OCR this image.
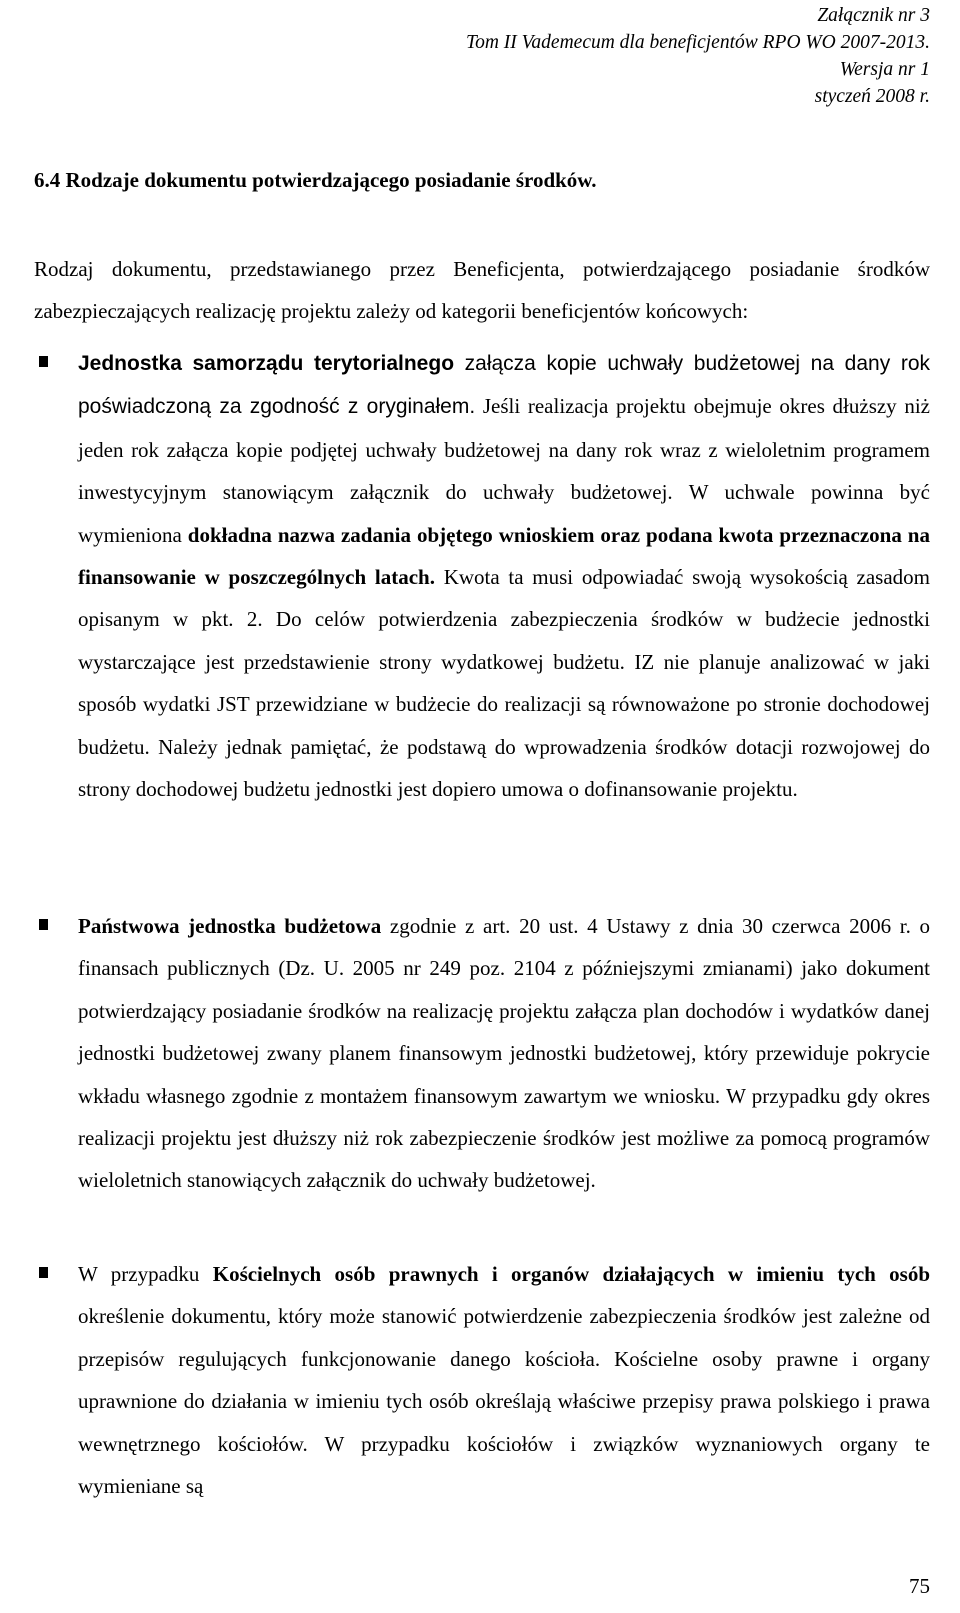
Załącznik nr 3
Tom II Vademecum dla beneficjentów RPO WO 2007-2013.
Wersja nr 1
styczeń 2008 r.
6.4 Rodzaje dokumentu potwierdzającego posiadanie środków.

Rodzaj dokumentu, przedstawianego przez Beneficjenta, potwierdzającego posiadanie środków zabezpieczających realizację projektu zależy od kategorii beneficjentów końcowych:

Jednostka samorządu terytorialnego załącza kopie uchwały budżetowej na dany rok poświadczoną za zgodność z oryginałem. Jeśli realizacja projektu obejmuje okres dłuższy niż jeden rok załącza kopie podjętej uchwały budżetowej na dany rok wraz z wieloletnim programem inwestycyjnym stanowiącym załącznik do uchwały budżetowej. W uchwale powinna być wymieniona dokładna nazwa zadania objętego wnioskiem oraz podana kwota przeznaczona na finansowanie w poszczególnych latach. Kwota ta musi odpowiadać swoją wysokością zasadom opisanym w pkt. 2. Do celów potwierdzenia zabezpieczenia środków w budżecie jednostki wystarczające jest przedstawienie strony wydatkowej budżetu. IZ nie planuje analizować w jaki sposób wydatki JST przewidziane w budżecie do realizacji są równoważone po stronie dochodowej budżetu. Należy jednak pamiętać, że podstawą do wprowadzenia środków dotacji rozwojowej do strony dochodowej budżetu jednostki jest dopiero umowa o dofinansowanie projektu.
Państwowa jednostka budżetowa zgodnie z art. 20 ust. 4 Ustawy z dnia 30 czerwca 2006 r. o finansach publicznych (Dz. U. 2005 nr 249 poz. 2104 z późniejszymi zmianami) jako dokument potwierdzający posiadanie środków na realizację projektu załącza plan dochodów i wydatków danej jednostki budżetowej zwany planem finansowym jednostki budżetowej, który przewiduje pokrycie wkładu własnego zgodnie z montażem finansowym zawartym we wniosku. W przypadku gdy okres realizacji projektu jest dłuższy niż rok zabezpieczenie środków jest możliwe za pomocą programów wieloletnich stanowiących załącznik do uchwały budżetowej.
W przypadku Kościelnych osób prawnych i organów działających w imieniu tych osób określenie dokumentu, który może stanowić potwierdzenie zabezpieczenia środków jest zależne od przepisów regulujących funkcjonowanie danego kościoła. Kościelne osoby prawne i organy uprawnione do działania w imieniu tych osób określają właściwe przepisy prawa polskiego i prawa wewnętrznego kościołów. W przypadku kościołów i związków wyznaniowych organy te wymieniane są
75
